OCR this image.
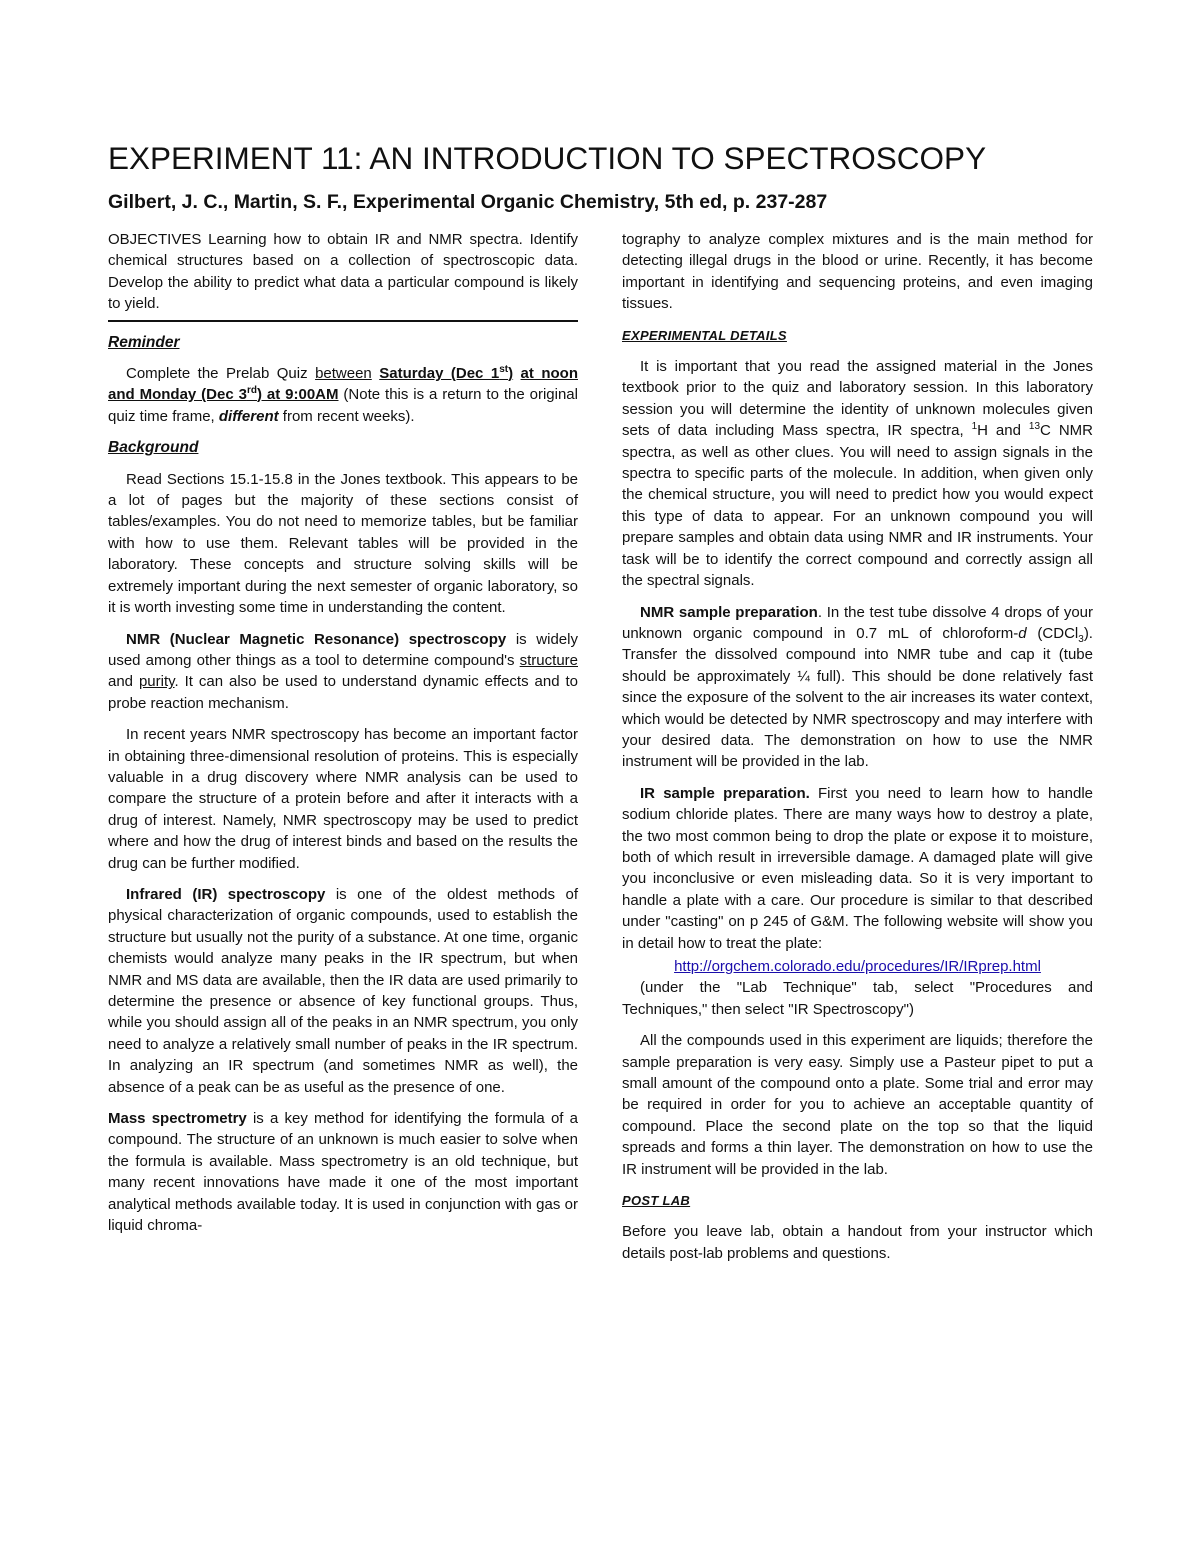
EXPERIMENT 11: AN INTRODUCTION TO SPECTROSCOPY
Gilbert, J. C., Martin, S. F., Experimental Organic Chemistry, 5th ed, p. 237-287

OBJECTIVES Learning how to obtain IR and NMR spectra. Identify chemical structures based on a collection of spectroscopic data. Develop the ability to predict what data a particular compound is likely to yield.

Reminder

Complete the Prelab Quiz between Saturday (Dec 1st) at noon and Monday (Dec 3rd) at 9:00AM (Note this is a return to the original quiz time frame, different from recent weeks).

Background

Read Sections 15.1-15.8 in the Jones textbook. This appears to be a lot of pages but the majority of these sections consist of tables/examples. You do not need to memorize tables, but be familiar with how to use them. Relevant tables will be provided in the laboratory. These concepts and structure solving skills will be extremely important during the next semester of organic laboratory, so it is worth investing some time in understanding the content.

NMR (Nuclear Magnetic Resonance) spectroscopy is widely used among other things as a tool to determine compound's structure and purity. It can also be used to understand dynamic effects and to probe reaction mechanism.

In recent years NMR spectroscopy has become an important factor in obtaining three-dimensional resolution of proteins. This is especially valuable in a drug discovery where NMR analysis can be used to compare the structure of a protein before and after it interacts with a drug of interest. Namely, NMR spectroscopy may be used to predict where and how the drug of interest binds and based on the results the drug can be further modified.

Infrared (IR) spectroscopy is one of the oldest methods of physical characterization of organic compounds, used to establish the structure but usually not the purity of a substance. At one time, organic chemists would analyze many peaks in the IR spectrum, but when NMR and MS data are available, then the IR data are used primarily to determine the presence or absence of key functional groups. Thus, while you should assign all of the peaks in an NMR spectrum, you only need to analyze a relatively small number of peaks in the IR spectrum. In analyzing an IR spectrum (and sometimes NMR as well), the absence of a peak can be as useful as the presence of one.

Mass spectrometry is a key method for identifying the formula of a compound. The structure of an unknown is much easier to solve when the formula is available. Mass spectrometry is an old technique, but many recent innovations have made it one of the most important analytical methods available today. It is used in conjunction with gas or liquid chroma-

tography to analyze complex mixtures and is the main method for detecting illegal drugs in the blood or urine. Recently, it has become important in identifying and sequencing proteins, and even imaging tissues.

EXPERIMENTAL DETAILS

It is important that you read the assigned material in the Jones textbook prior to the quiz and laboratory session. In this laboratory session you will determine the identity of unknown molecules given sets of data including Mass spectra, IR spectra, $^1$H and $^{13}$C NMR spectra, as well as other clues. You will need to assign signals in the spectra to specific parts of the molecule. In addition, when given only the chemical structure, you will need to predict how you would expect this type of data to appear. For an unknown compound you will prepare samples and obtain data using NMR and IR instruments. Your task will be to identify the correct compound and correctly assign all the spectral signals.

NMR sample preparation. In the test tube dissolve 4 drops of your unknown organic compound in 0.7 mL of chloroform-d (CDCl$_3$). Transfer the dissolved compound into NMR tube and cap it (tube should be approximately ¼ full). This should be done relatively fast since the exposure of the solvent to the air increases its water context, which would be detected by NMR spectroscopy and may interfere with your desired data. The demonstration on how to use the NMR instrument will be provided in the lab.

IR sample preparation. First you need to learn how to handle sodium chloride plates. There are many ways how to destroy a plate, the two most common being to drop the plate or expose it to moisture, both of which result in irreversible damage. A damaged plate will give you inconclusive or even misleading data. So it is very important to handle a plate with a care. Our procedure is similar to that described under "casting" on p 245 of G&M. The following website will show you in detail how to treat the plate:

http://orgchem.colorado.edu/procedures/IR/IRprep.html

(under the "Lab Technique" tab, select "Procedures and Techniques," then select "IR Spectroscopy")

All the compounds used in this experiment are liquids; therefore the sample preparation is very easy. Simply use a Pasteur pipet to put a small amount of the compound onto a plate. Some trial and error may be required in order for you to achieve an acceptable quantity of compound. Place the second plate on the top so that the liquid spreads and forms a thin layer. The demonstration on how to use the IR instrument will be provided in the lab.

POST LAB

Before you leave lab, obtain a handout from your instructor which details post-lab problems and questions.
